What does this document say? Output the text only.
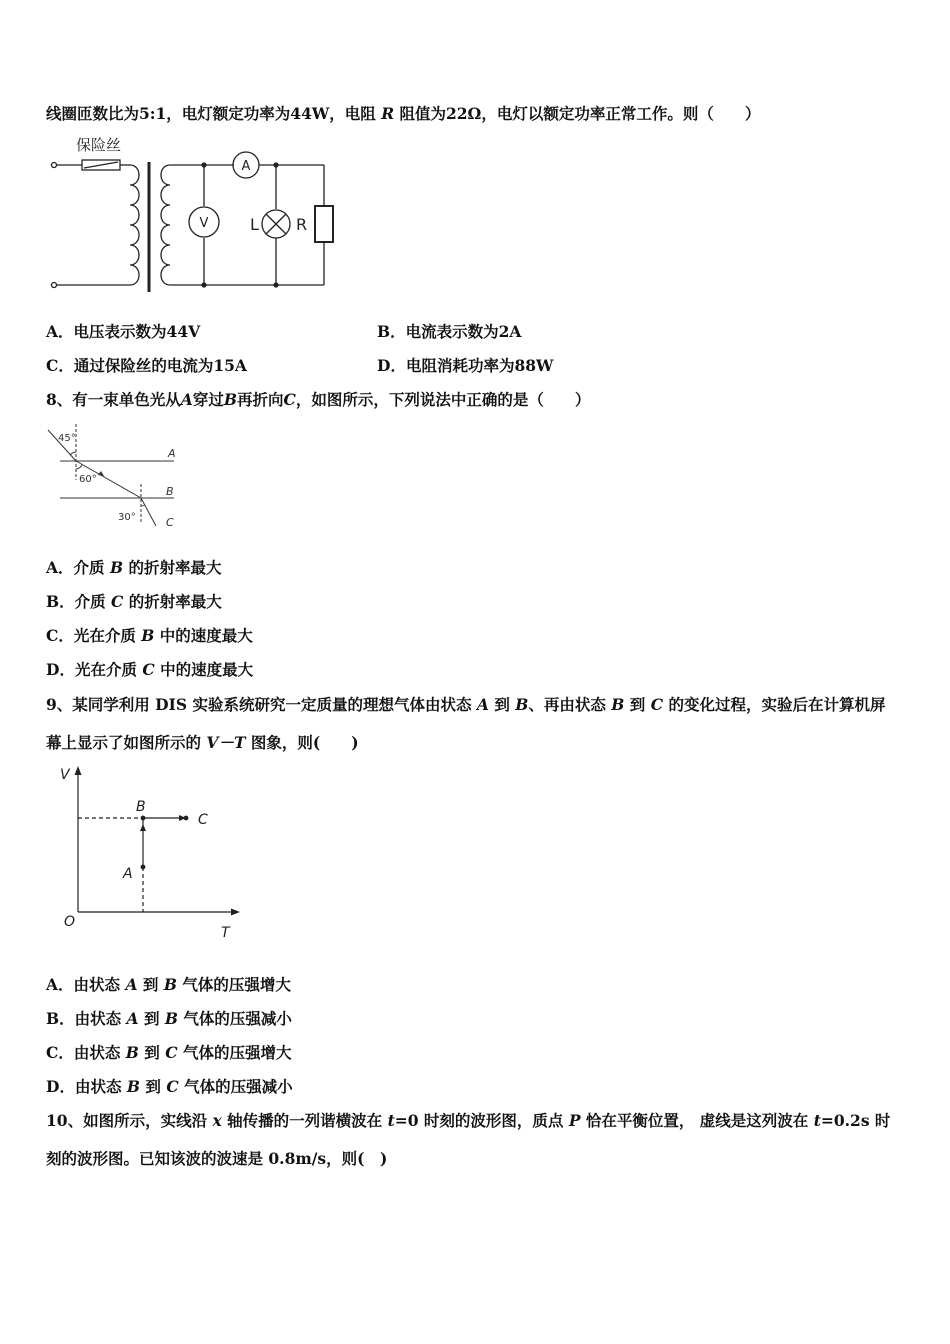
线圈匝数比为5:1，电灯额定功率为44W，电阻 R 阻值为22Ω，电灯以额定功率正常工作。则（　　）
保险丝
A
V	L R
A．电压表示数为44V	B．电流表示数为2A
C．通过保险丝的电流为15A	D．电阻消耗功率为88W
8、有一束单色光从A穿过B再折向C，如图所示，下列说法中正确的是（　　）
45°
60°
30°
A
B
C
A．介质 B 的折射率最大
B．介质 C 的折射率最大
C．光在介质 B 中的速度最大
D．光在介质 C 中的速度最大
9、某同学利用 DIS 实验系统研究一定质量的理想气体由状态 A 到 B、再由状态 B 到 C 的变化过程，实验后在计算机屏
幕上显示了如图所示的 V－T 图象，则(　　)
V
T
O
A
B
C
A．由状态 A 到 B 气体的压强增大
B．由状态 A 到 B 气体的压强减小
C．由状态 B 到 C 气体的压强增大
D．由状态 B 到 C 气体的压强减小
10、如图所示，实线沿 x 轴传播的一列谐横波在 t=0 时刻的波形图，质点 P 恰在平衡位置， 虚线是这列波在 t=0.2s 时
刻的波形图。已知该波的波速是 0.8m/s，则(　)
